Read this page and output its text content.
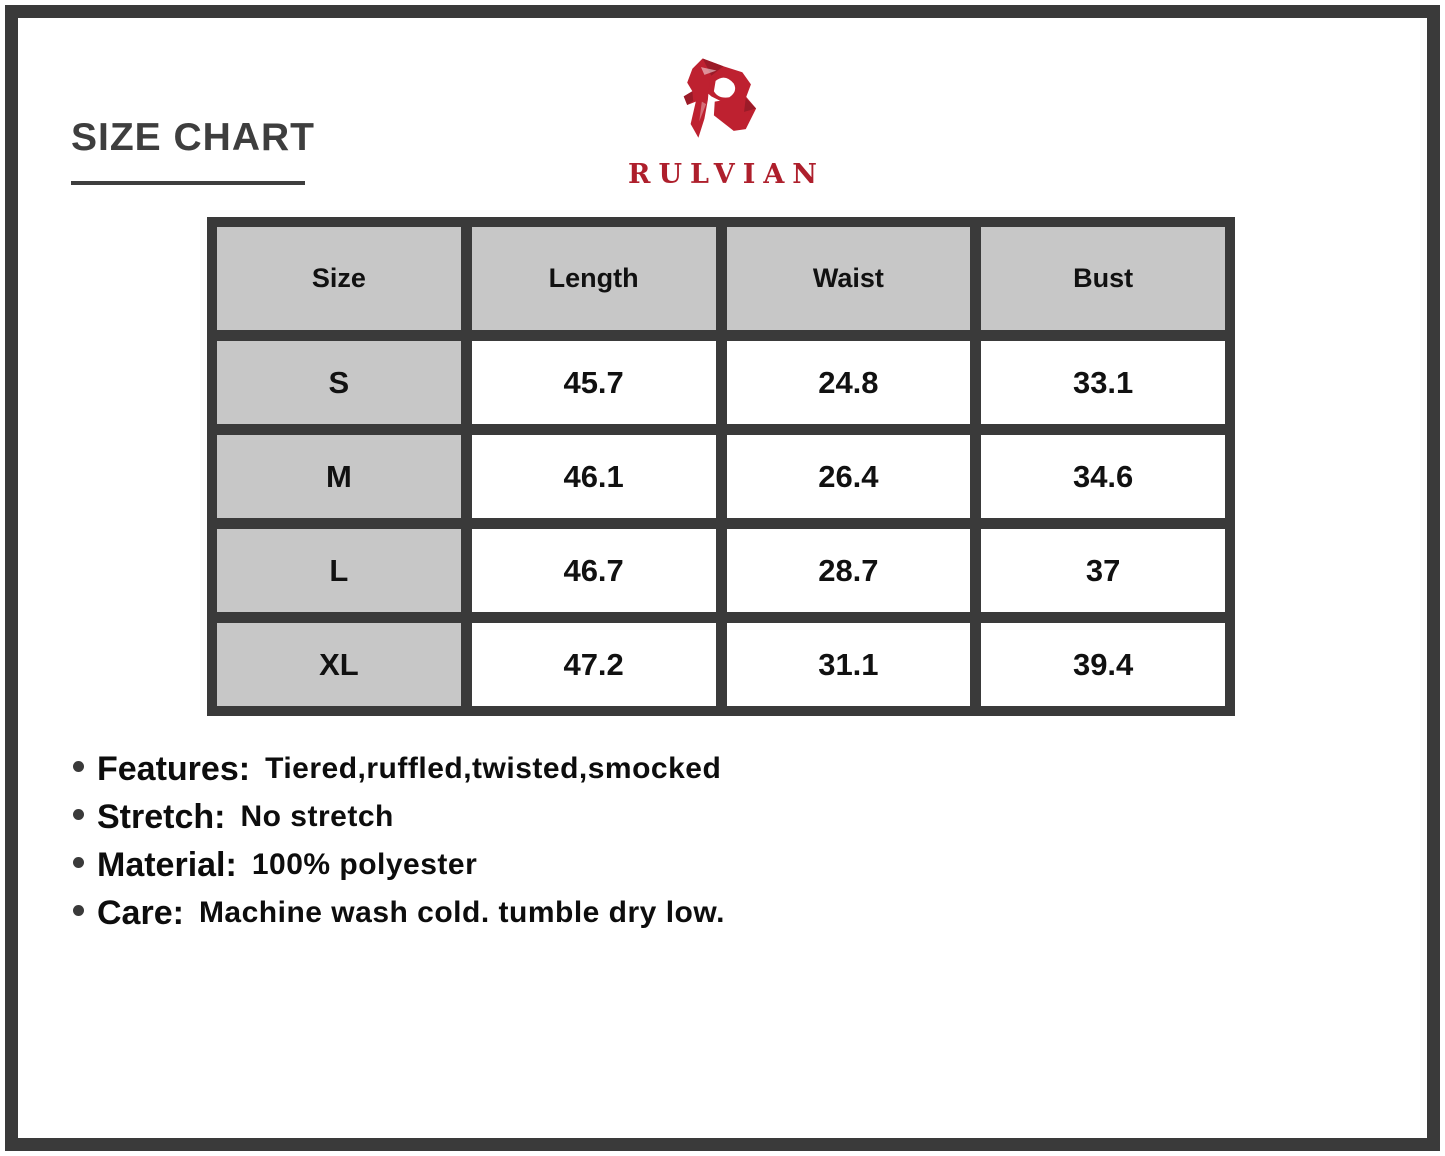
SIZE CHART
RULVIAN
Size	Length	Waist	Bust
S	45.7	24.8	33.1
M	46.1	26.4	34.6
L	46.7	28.7	37
XL	47.2	31.1	39.4
Features: Tiered,ruffled,twisted,smocked
Stretch: No stretch
Material: 100% polyester
Care: Machine wash cold. tumble dry low.
